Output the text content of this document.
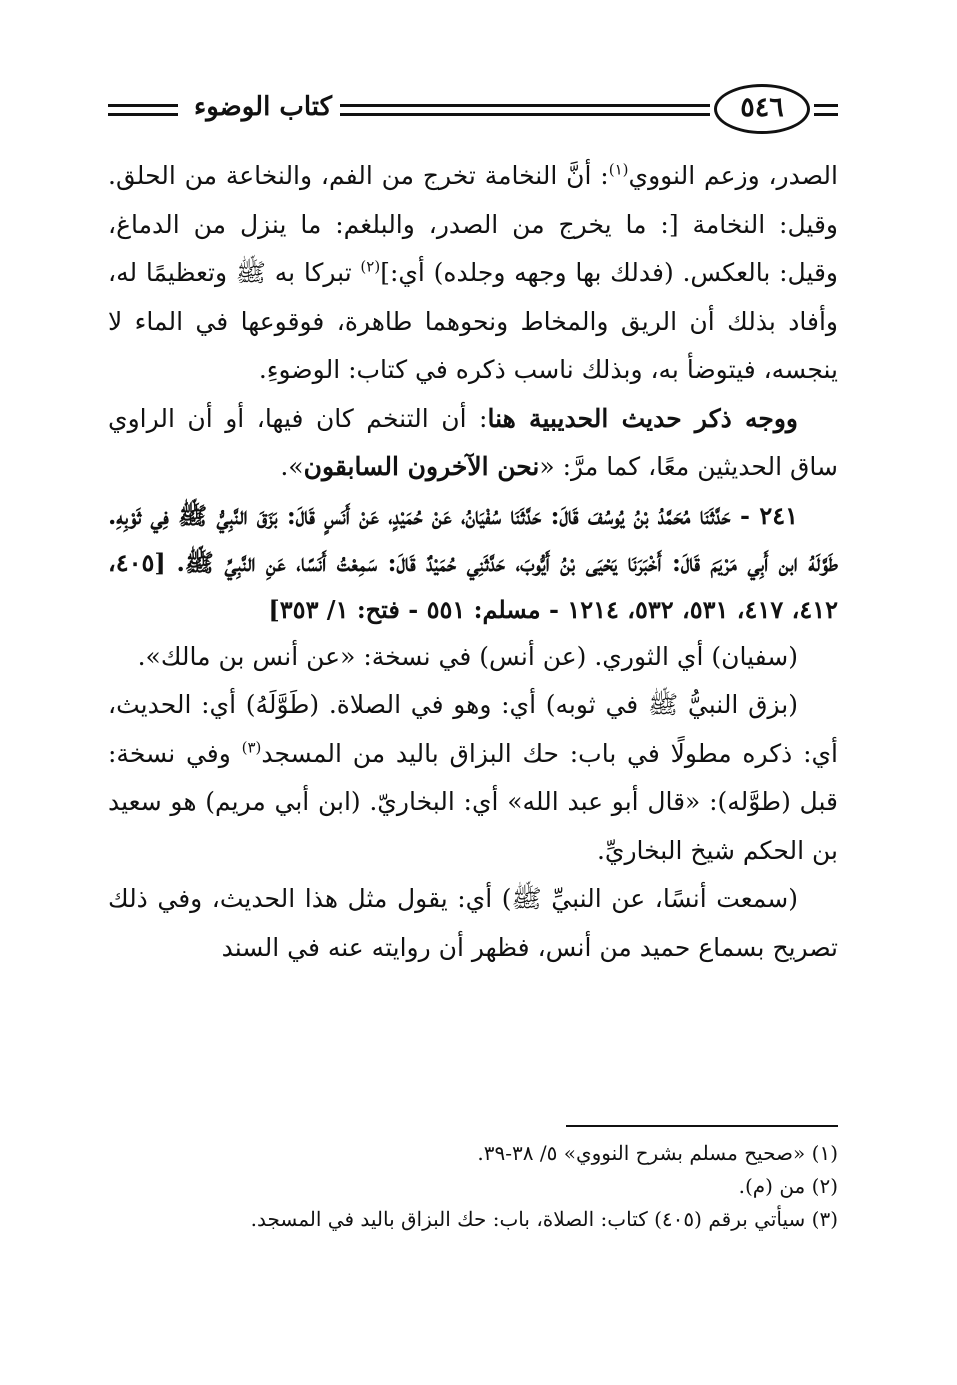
كتاب الوضوء	٥٤٦

الصدر، وزعم النووي$^{(١)}$: أنَّ النخامة تخرج من الفم، والنخاعة من الحلق. وقيل: النخامة [: ما يخرج من الصدر، والبلغم: ما ينزل من الدماغ، وقيل: بالعكس. (فدلك بها وجهه وجلده) أي:]$^{(٢)}$ تبركا به ﷺ وتعظيمًا له، وأفاد بذلك أن الريق والمخاط ونحوهما طاهرة، فوقوعها في الماء لا ينجسه، فيتوضأ به، وبذلك ناسب ذكره في كتاب: الوضوءِ.

ووجه ذكر حديث الحديبية هنا: أن التنخم كان فيها، أو أن الراوي ساق الحديثين معًا، كما مرَّ: «نحن الآخرون السابقون».

٢٤١ - حَدَّثَنَا مُحَمَّدُ بْنُ يُوسُفَ قَالَ: حَدَّثَنَا سُفْيَانُ، عَنْ حُمَيْدٍ، عَنْ أَنَسٍ قَالَ: بَزَقَ النَّبِيُّ ﷺ فِي ثَوْبِهِ. طَوَّلَهُ ابن أَبِي مَرْيَمَ قَالَ: أَخْبَرَنَا يَحْيَى بْنُ أَيُّوبَ، حَدَّثَنِي حُمَيْدٌ قَالَ: سَمِعْتُ أَنَسًا، عَنِ النَّبِيِّ ﷺ. [٤٠٥، ٤١٢، ٤١٧، ٥٣١، ٥٣٢، ١٢١٤ - مسلم: ٥٥١ - فتح: ١/ ٣٥٣]

(سفيان) أي الثوري. (عن أنس) في نسخة: «عن أنس بن مالك».

(بزق النبيُّ ﷺ في ثوبه) أي: وهو في الصلاة. (طَوَّلَهُ) أي: الحديث، أي: ذكره مطولًا في باب: حك البزاق باليد من المسجد$^{(٣)}$ وفي نسخة: قبل (طوَّله): «قال أبو عبد الله» أي: البخاريّ. (ابن أبي مريم) هو سعيد بن الحكم شيخ البخاريِّ.

(سمعت أنسًا، عن النبيِّ ﷺ) أي: يقول مثل هذا الحديث، وفي ذلك تصريح بسماع حميد من أنس، فظهر أن روايته عنه في السند

(١) «صحيح مسلم بشرح النووي» ٥/ ٣٨-٣٩.

(٢) من (م).

(٣) سيأتي برقم (٤٠٥) كتاب: الصلاة، باب: حك البزاق باليد في المسجد.
